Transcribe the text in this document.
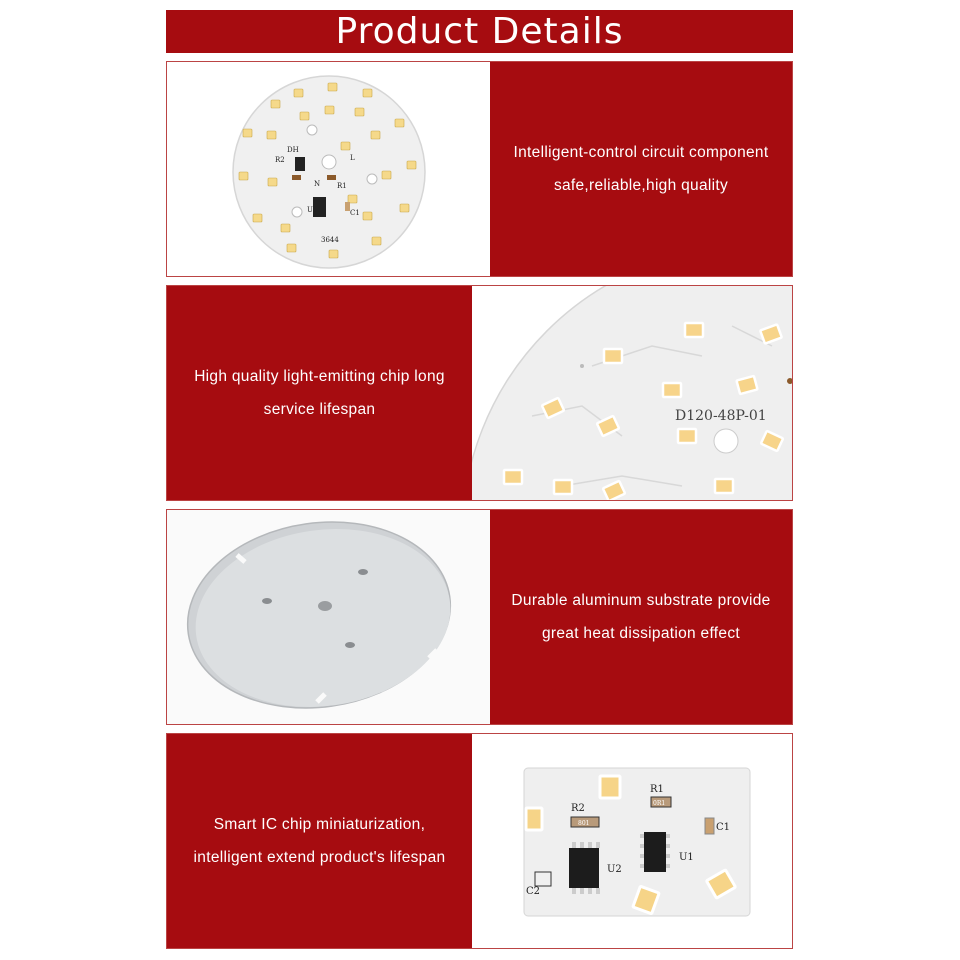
Product Details
3644
R2
DH
R1
C1
U1
N
L	Intelligent-control circuit component
safe,reliable,high quality
High quality light-emitting chip long
service lifespan	D120-48P-01
Durable aluminum substrate provide
great heat dissipation effect
Smart IC chip miniaturization,
intelligent extend product's lifespan
R1
R2
C1
C2
U1
U2
0R1
801
